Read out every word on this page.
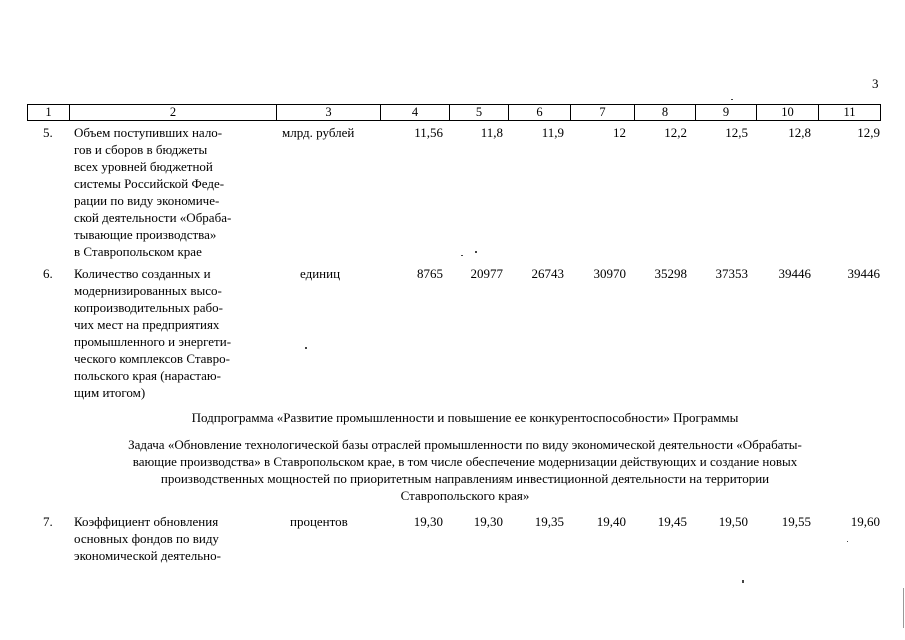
3
1	2	3	4	5	6	7	8	9	10	11
5. Объем поступивших нало-
гов и сборов в бюджеты
всех уровней бюджетной
системы Российской Феде-
рации по виду экономиче-
ской деятельности «Обраба-
тывающие производства»
в Ставропольском крае
млрд. рублей	11,56	11,8	11,9	12	12,2	12,5	12,8	12,9
6. Количество созданных и
модернизированных высо-
копроизводительных рабо-
чих мест на предприятиях
промышленного и энергети-
ческого комплексов Ставро-
польского края (нарастаю-
щим итогом)
единиц	8765	20977	26743	30970	35298	37353	39446	39446
Подпрограмма «Развитие промышленности и повышение ее конкурентоспособности» Программы
Задача «Обновление технологической базы отраслей промышленности по виду экономической деятельности «Обрабаты-
вающие производства» в Ставропольском крае, в том числе обеспечение модернизации действующих и создание новых
производственных мощностей по приоритетным направлениям инвестиционной деятельности на территории
Ставропольского края»
7. Коэффициент обновления
основных фондов по виду
экономической деятельно-
процентов	19,30	19,30	19,35	19,40	19,45	19,50	19,55	19,60
